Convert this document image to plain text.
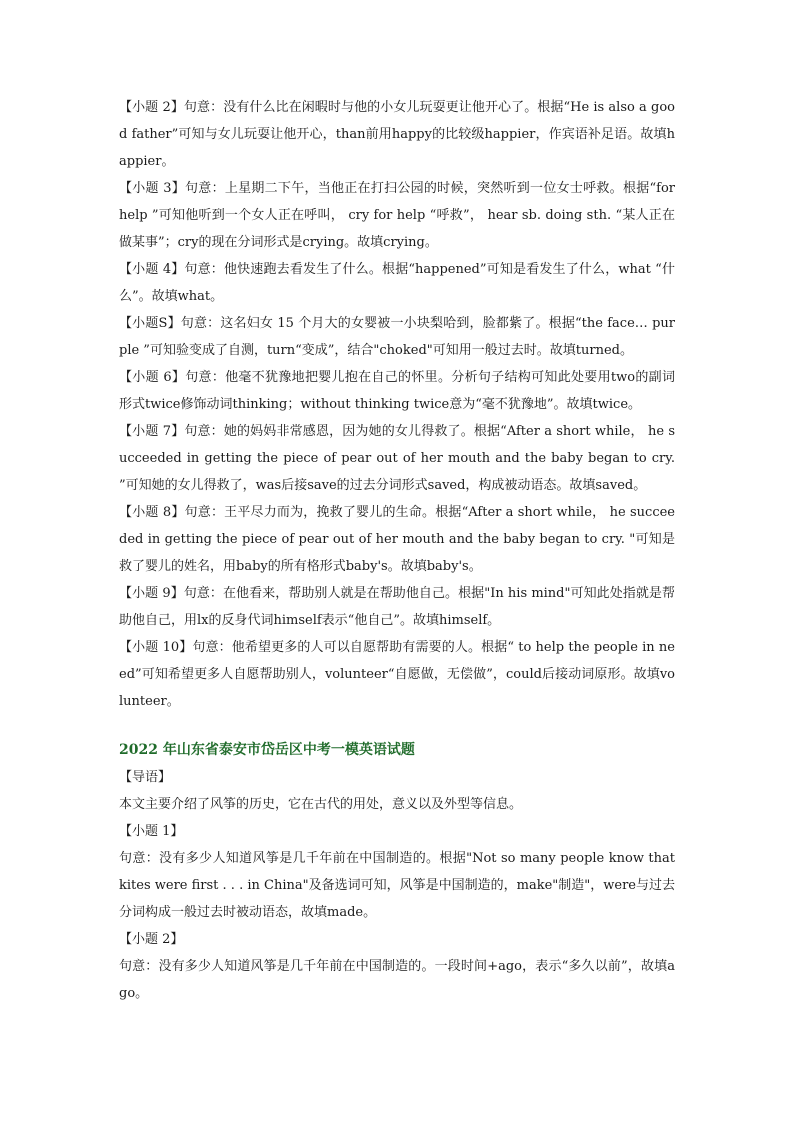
【小题 2】句意：没有什么比在闲暇时与他的小女儿玩耍更让他开心了。根据“He is also a good father”可知与女儿玩耍让他开心，than前用happy的比较级happier，作宾语补足语。故填happier。

【小题 3】句意：上星期二下午，当他正在打扫公园的时候，突然听到一位女士呼救。根据“for help ”可知他听到一个女人正在呼叫， cry for help “呼救”， hear sb. doing sth. “某人正在做某事”；cry的现在分词形式是crying。故填crying。

【小题 4】句意：他快速跑去看发生了什么。根据“happened”可知是看发生了什么，what “什么”。故填what。

【小题S】句意：这名妇女 15 个月大的女婴被一小块梨哈到，脸都紫了。根据“the face… purple ”可知验变成了自测，turn“变成”，结合"choked"可知用一般过去时。故填turned。

【小题 6】句意：他毫不犹豫地把婴儿抱在自己的怀里。分析句子结构可知此处要用two的副词形式twice修饰动词thinking；without thinking twice意为“毫不犹豫地”。故填twice。

【小题 7】句意：她的妈妈非常感恩，因为她的女儿得救了。根据“After a short while， he succeeded in getting the piece of pear out of her mouth and the baby began to cry. ”可知她的女儿得救了，was后接save的过去分词形式saved，构成被动语态。故填saved。

【小题 8】句意：王平尽力而为，挽救了婴儿的生命。根据“After a short while， he succeeded in getting the piece of pear out of her mouth and the baby began to cry. "可知是救了婴儿的姓名，用baby的所有格形式baby's。故填baby's。

【小题 9】句意：在他看来，帮助别人就是在帮助他自己。根据"In his mind"可知此处指就是帮助他自己，用lx的反身代词himself表示“他自己”。故填himself。

【小题 10】句意：他希望更多的人可以自愿帮助有需要的人。根据“ to help the people in need”可知希望更多人自愿帮助别人，volunteer“自愿做，无偿做”，could后接动词原形。故填volunteer。

2022 年山东省泰安市岱岳区中考一模英语试题

【导语】

本文主要介绍了风筝的历史，它在古代的用处，意义以及外型等信息。

【小题 1】

句意：没有多少人知道风筝是几千年前在中国制造的。根据"Not so many people know that kites were first . . . in China"及备选词可知，风筝是中国制造的，make"制造"，were与过去分词构成一般过去时被动语态，故填made。

【小题 2】

句意：没有多少人知道风筝是几千年前在中国制造的。一段时间+ago，表示“多久以前”，故填ago。
